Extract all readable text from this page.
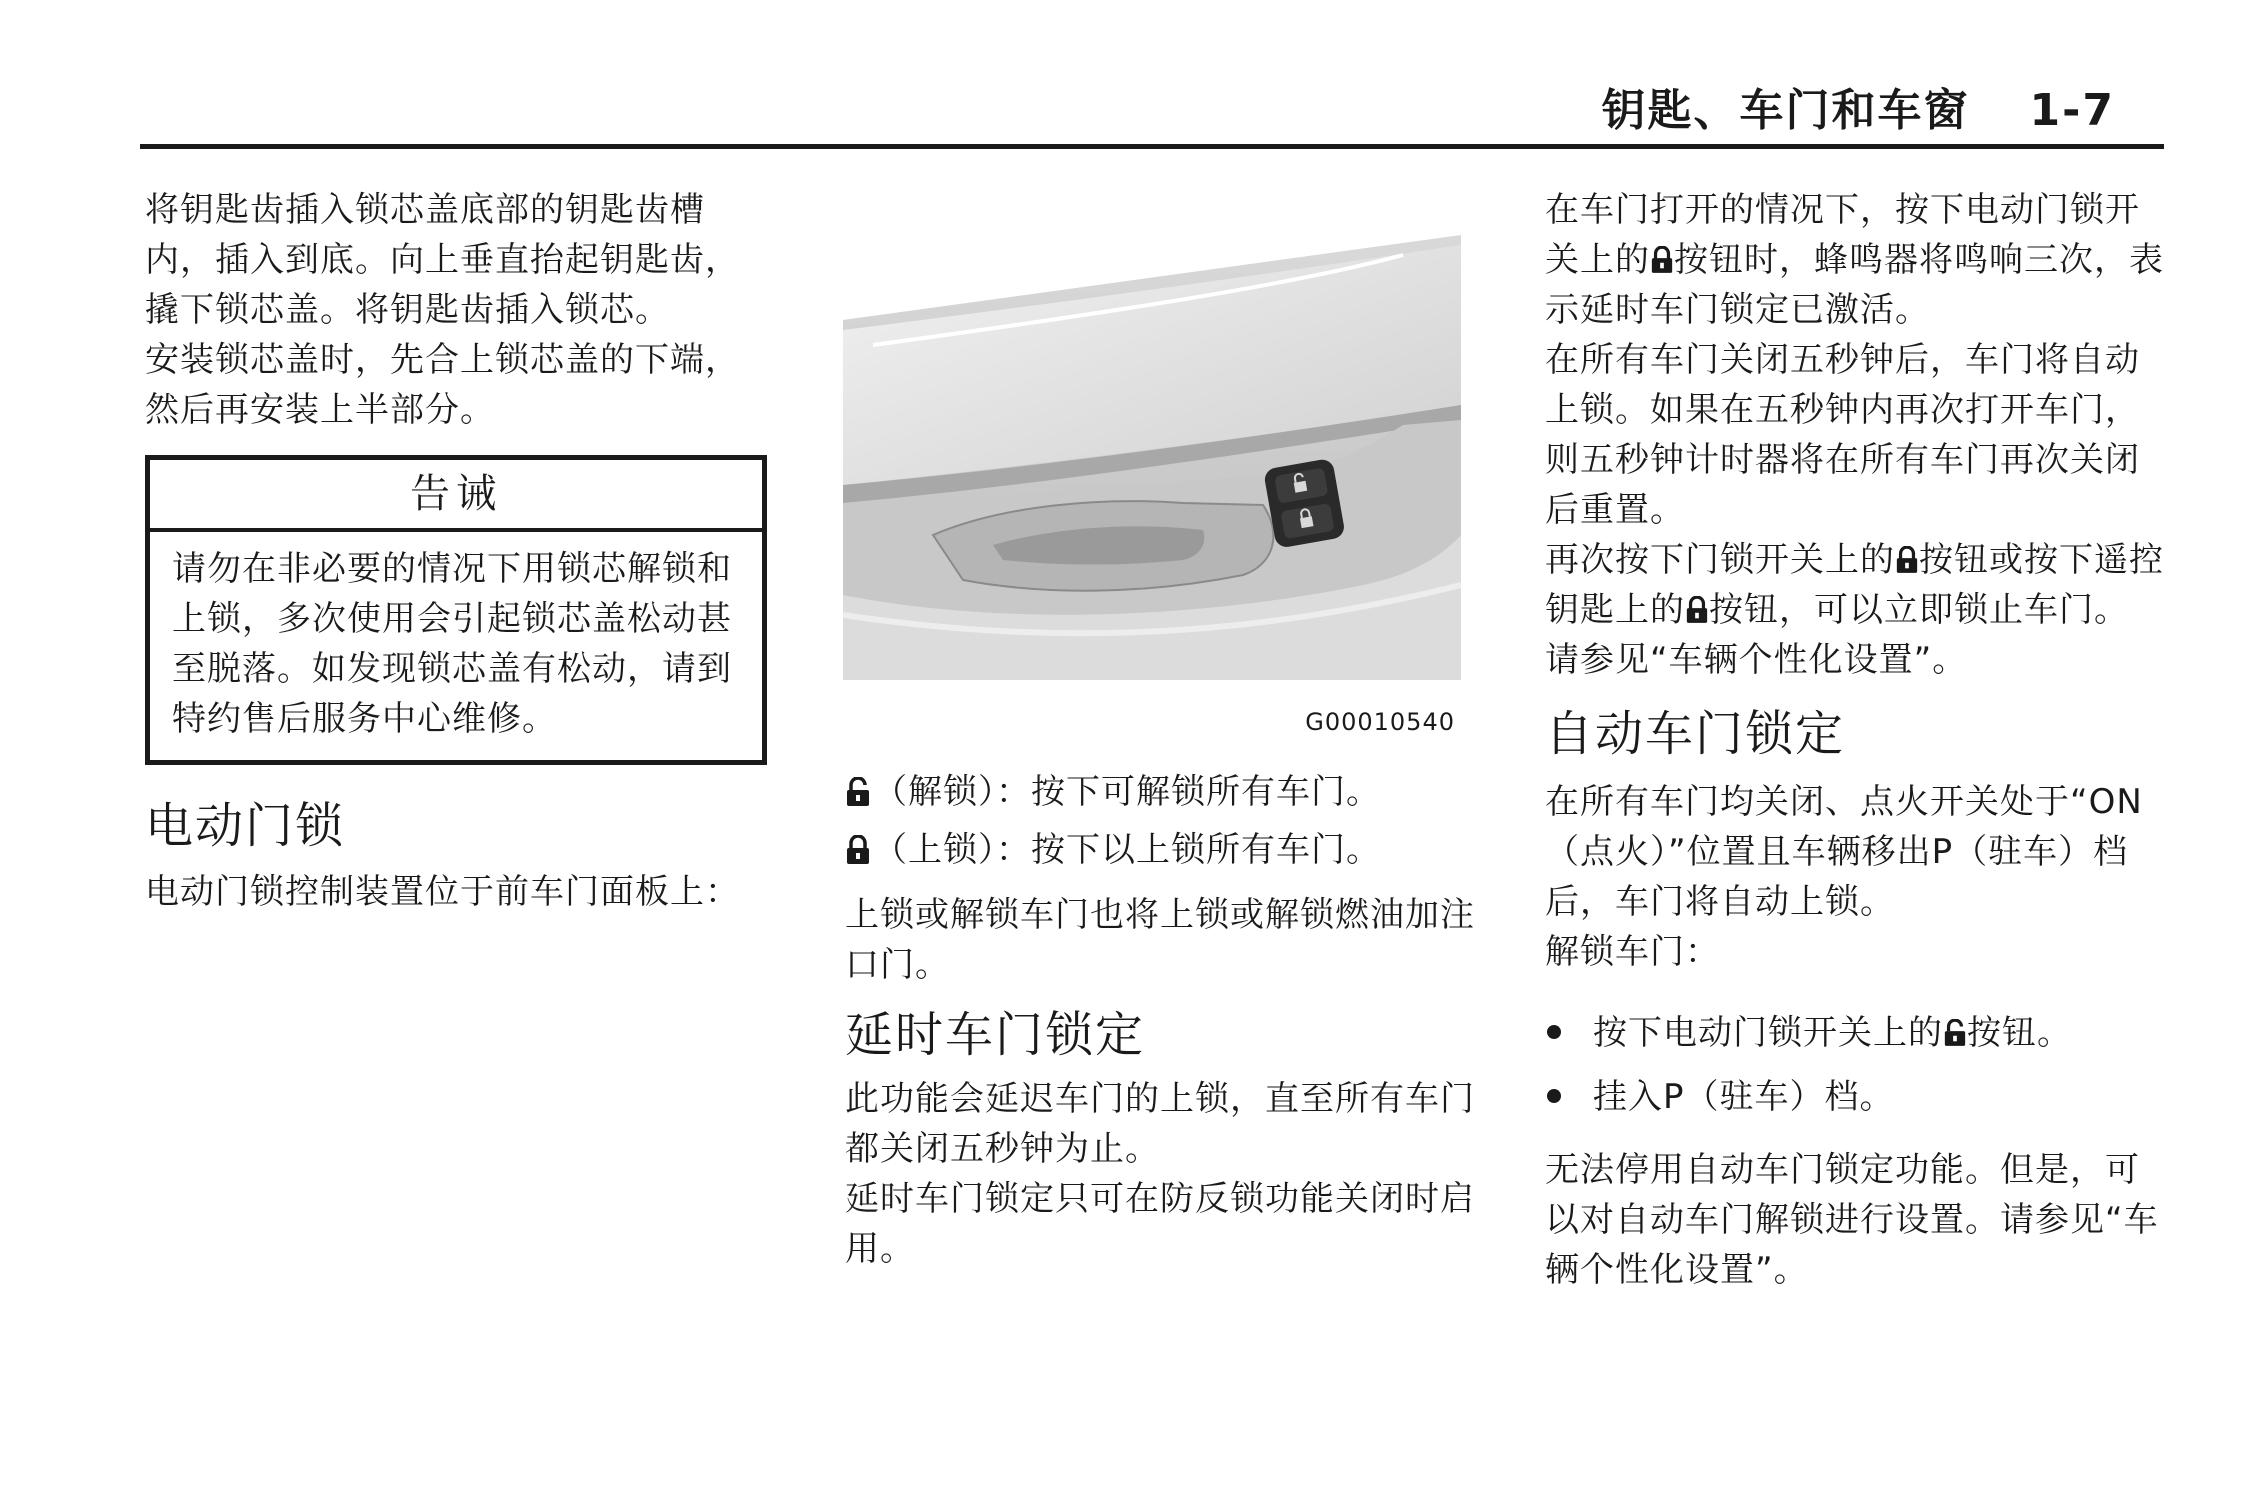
钥匙、车门和车窗 1-7

将钥匙齿插入锁芯盖底部的钥匙齿槽内，插入到底。向上垂直抬起钥匙齿，撬下锁芯盖。将钥匙齿插入锁芯。

安装锁芯盖时，先合上锁芯盖的下端，然后再安装上半部分。

告诫

请勿在非必要的情况下用锁芯解锁和上锁，多次使用会引起锁芯盖松动甚至脱落。如发现锁芯盖有松动，请到特约售后服务中心维修。

电动门锁

电动门锁控制装置位于前车门面板上：

G00010540

（解锁）：按下可解锁所有车门。

（上锁）：按下以上锁所有车门。

上锁或解锁车门也将上锁或解锁燃油加注口门。

延时车门锁定

此功能会延迟车门的上锁，直至所有车门都关闭五秒钟为止。

延时车门锁定只可在防反锁功能关闭时启用。

在车门打开的情况下，按下电动门锁开关上的 按钮时，蜂鸣器将鸣响三次，表示延时车门锁定已激活。

在所有车门关闭五秒钟后，车门将自动上锁。如果在五秒钟内再次打开车门，则五秒钟计时器将在所有车门再次关闭后重置。

再次按下门锁开关上的 按钮或按下遥控钥匙上的 按钮，可以立即锁止车门。

请参见“车辆个性化设置”。

自动车门锁定

在所有车门均关闭、点火开关处于“ON（点火）”位置且车辆移出P（驻车）档后，车门将自动上锁。

解锁车门：

按下电动门锁开关上的 按钮。
挂入P（驻车）档。

无法停用自动车门锁定功能。但是，可以对自动车门解锁进行设置。请参见“车辆个性化设置”。
